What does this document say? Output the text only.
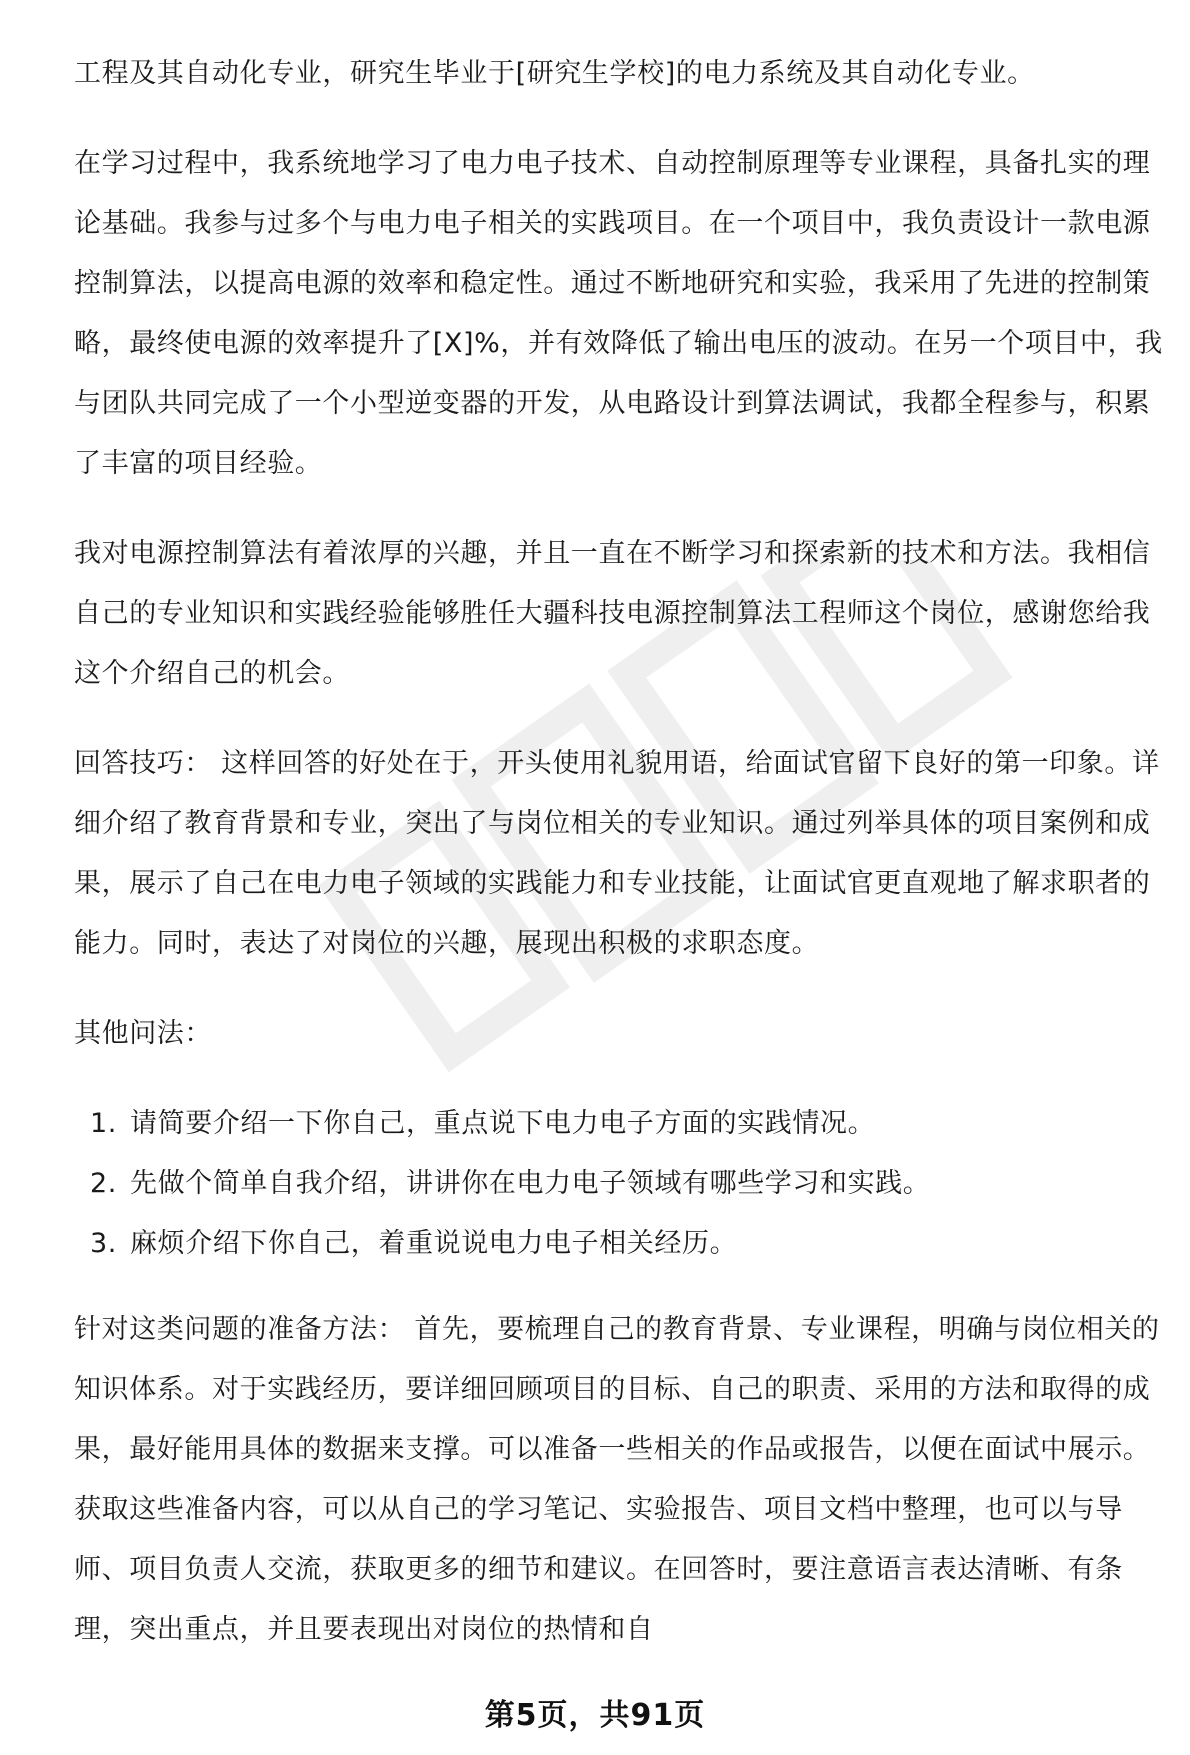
工程及其自动化专业，研究生毕业于[研究生学校]的电力系统及其自动化专业。

在学习过程中，我系统地学习了电力电子技术、自动控制原理等专业课程，具备扎实的理论基础。我参与过多个与电力电子相关的实践项目。在一个项目中，我负责设计一款电源控制算法，以提高电源的效率和稳定性。通过不断地研究和实验，我采用了先进的控制策略，最终使电源的效率提升了[X]%，并有效降低了输出电压的波动。在另一个项目中，我与团队共同完成了一个小型逆变器的开发，从电路设计到算法调试，我都全程参与，积累了丰富的项目经验。

我对电源控制算法有着浓厚的兴趣，并且一直在不断学习和探索新的技术和方法。我相信自己的专业知识和实践经验能够胜任大疆科技电源控制算法工程师这个岗位，感谢您给我这个介绍自己的机会。

回答技巧： 这样回答的好处在于，开头使用礼貌用语，给面试官留下良好的第一印象。详细介绍了教育背景和专业，突出了与岗位相关的专业知识。通过列举具体的项目案例和成果，展示了自己在电力电子领域的实践能力和专业技能，让面试官更直观地了解求职者的能力。同时，表达了对岗位的兴趣，展现出积极的求职态度。

其他问法：

1. 请简要介绍一下你自己，重点说下电力电子方面的实践情况。
2. 先做个简单自我介绍，讲讲你在电力电子领域有哪些学习和实践。
3. 麻烦介绍下你自己，着重说说电力电子相关经历。

针对这类问题的准备方法： 首先，要梳理自己的教育背景、专业课程，明确与岗位相关的知识体系。对于实践经历，要详细回顾项目的目标、自己的职责、采用的方法和取得的成果，最好能用具体的数据来支撑。可以准备一些相关的作品或报告，以便在面试中展示。获取这些准备内容，可以从自己的学习笔记、实验报告、项目文档中整理，也可以与导师、项目负责人交流，获取更多的细节和建议。在回答时，要注意语言表达清晰、有条理，突出重点，并且要表现出对岗位的热情和自

第5页，共91页
